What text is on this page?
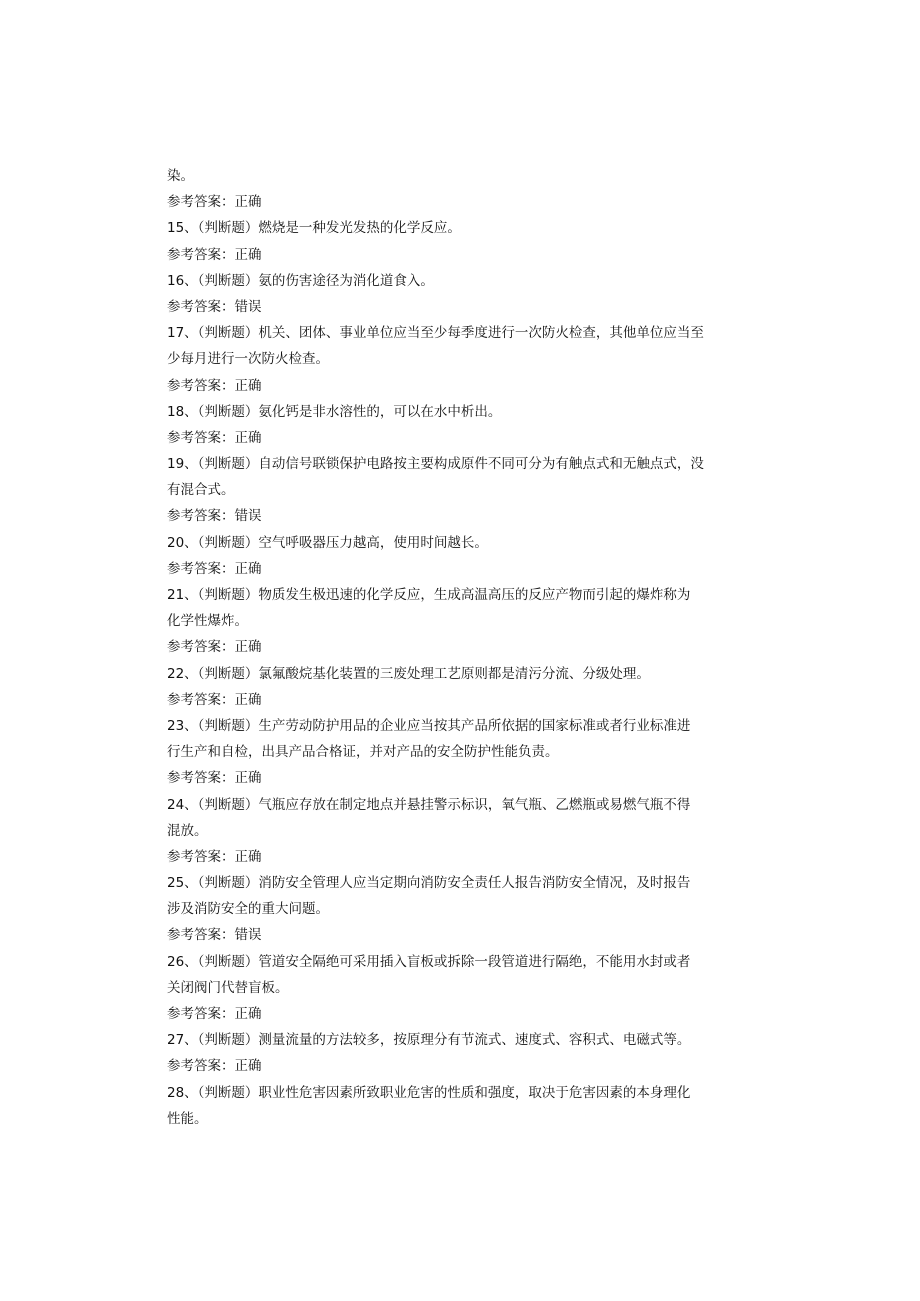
染。
参考答案：正确
15、（判断题）燃烧是一种发光发热的化学反应。
参考答案：正确
16、（判断题）氨的伤害途径为消化道食入。
参考答案：错误
17、（判断题）机关、团体、事业单位应当至少每季度进行一次防火检查，其他单位应当至
少每月进行一次防火检查。
参考答案：正确
18、（判断题）氨化钙是非水溶性的，可以在水中析出。
参考答案：正确
19、（判断题）自动信号联锁保护电路按主要构成原件不同可分为有触点式和无触点式，没
有混合式。
参考答案：错误
20、（判断题）空气呼吸器压力越高，使用时间越长。
参考答案：正确
21、（判断题）物质发生极迅速的化学反应，生成高温高压的反应产物而引起的爆炸称为
化学性爆炸。
参考答案：正确
22、（判断题）氯氟酸烷基化装置的三废处理工艺原则都是清污分流、分级处理。
参考答案：正确
23、（判断题）生产劳动防护用品的企业应当按其产品所依据的国家标准或者行业标准进
行生产和自检，出具产品合格证，并对产品的安全防护性能负责。
参考答案：正确
24、（判断题）气瓶应存放在制定地点并悬挂警示标识，氧气瓶、乙燃瓶或易燃气瓶不得
混放。
参考答案：正确
25、（判断题）消防安全管理人应当定期向消防安全责任人报告消防安全情况，及时报告
涉及消防安全的重大问题。
参考答案：错误
26、（判断题）管道安全隔绝可采用插入盲板或拆除一段管道进行隔绝，不能用水封或者
关闭阀门代替盲板。
参考答案：正确
27、（判断题）测量流量的方法较多，按原理分有节流式、速度式、容积式、电磁式等。
参考答案：正确
28、（判断题）职业性危害因素所致职业危害的性质和强度，取决于危害因素的本身理化
性能。
